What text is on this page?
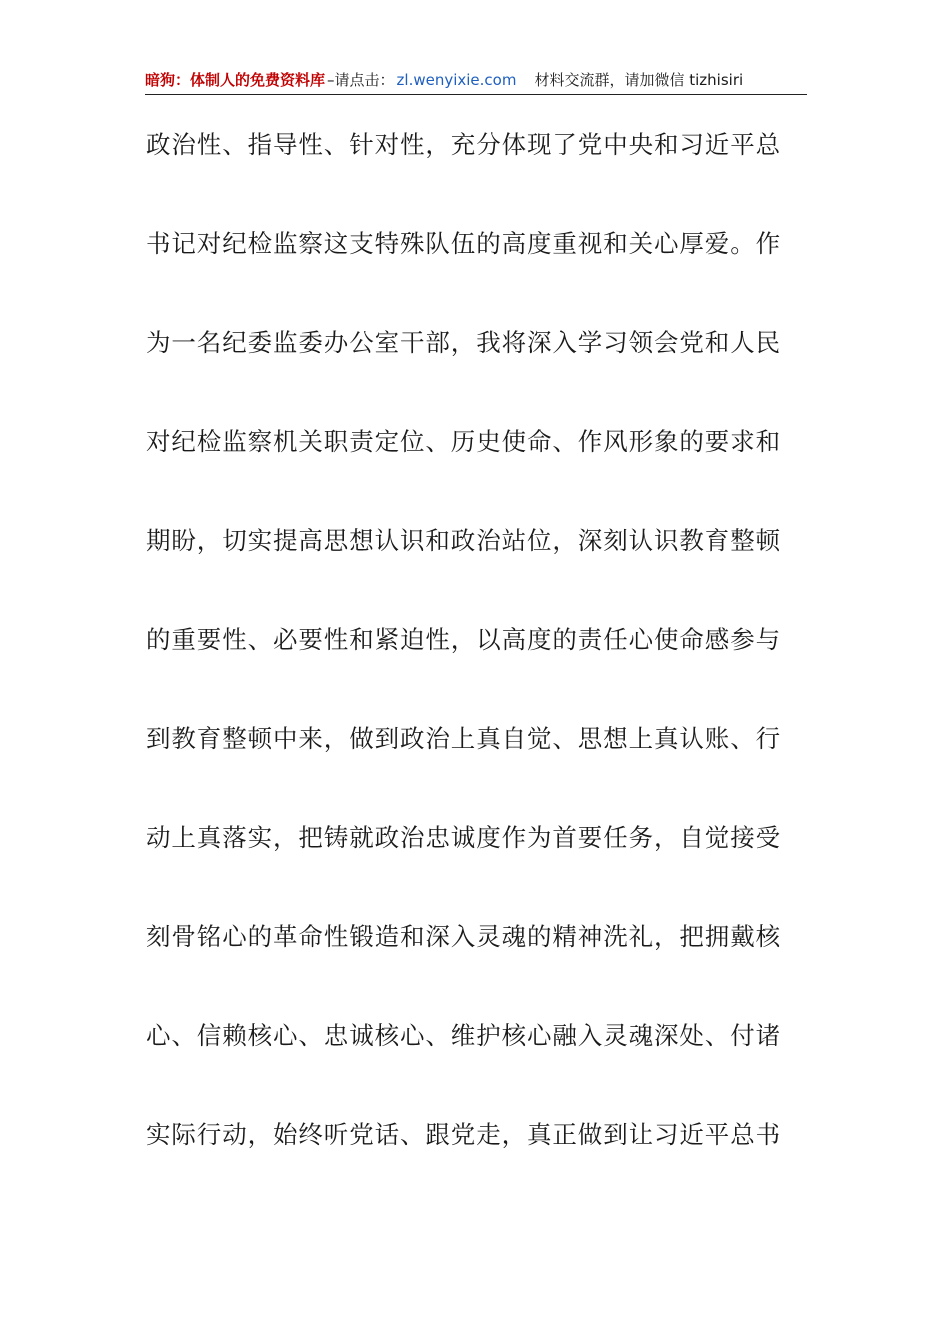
暗狗：体制人的免费资料库 –请点击： zl.wenyixie.com 材料交流群，请加微信 tizhisiri
政治性、指导性、针对性，充分体现了党中央和习近平总
书记对纪检监察这支特殊队伍的高度重视和关心厚爱。作
为一名纪委监委办公室干部，我将深入学习领会党和人民
对纪检监察机关职责定位、历史使命、作风形象的要求和
期盼，切实提高思想认识和政治站位，深刻认识教育整顿
的重要性、必要性和紧迫性，以高度的责任心使命感参与
到教育整顿中来，做到政治上真自觉、思想上真认账、行
动上真落实，把铸就政治忠诚度作为首要任务，自觉接受
刻骨铭心的革命性锻造和深入灵魂的精神洗礼，把拥戴核
心、信赖核心、忠诚核心、维护核心融入灵魂深处、付诸
实际行动，始终听党话、跟党走，真正做到让习近平总书
